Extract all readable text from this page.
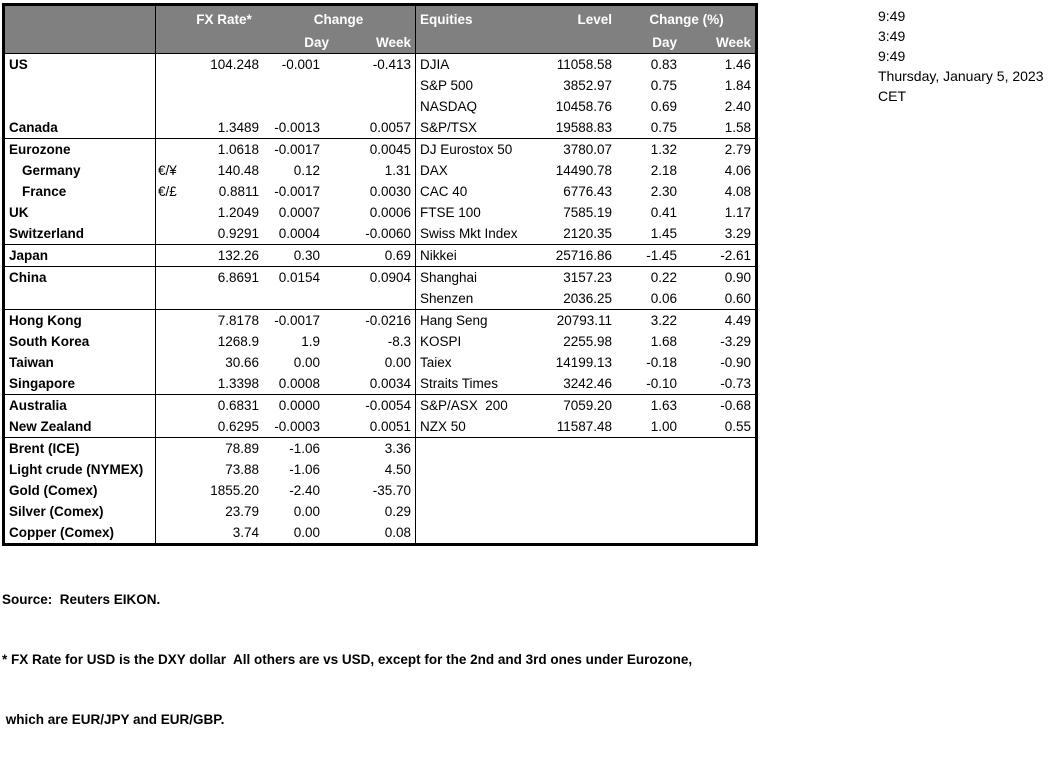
FX Rate*	Change	Equities	Level	Change (%)
Day	Week	Day	Week
US	104.248	-0.001	-0.413 DJIA	11058.58	0.83	1.46
S&P 500	3852.97	0.75	1.84
NASDAQ	10458.76	0.69	2.40
Canada	1.3489	-0.0013	0.0057 S&P/TSX	19588.83	0.75	1.58
Eurozone	1.0618	-0.0017	0.0045 DJ Eurostox 50	3780.07	1.32	2.79
Germany	€/¥	140.48	0.12	1.31 DAX	14490.78	2.18	4.06
France	€/£	0.8811	-0.0017	0.0030 CAC 40	6776.43	2.30	4.08
UK	1.2049	0.0007	0.0006 FTSE 100	7585.19	0.41	1.17
Switzerland	0.9291	0.0004	-0.0060 Swiss Mkt Index	2120.35	1.45	3.29
Japan	132.26	0.30	0.69 Nikkei	25716.86	-1.45	-2.61
China	6.8691	0.0154	0.0904 Shanghai	3157.23	0.22	0.90
Shenzen	2036.25	0.06	0.60
Hong Kong	7.8178	-0.0017	-0.0216 Hang Seng	20793.11	3.22	4.49
South Korea	1268.9	1.9	-8.3 KOSPI	2255.98	1.68	-3.29
Taiwan	30.66	0.00	0.00 Taiex	14199.13	-0.18	-0.90
Singapore	1.3398	0.0008	0.0034 Straits Times	3242.46	-0.10	-0.73
Australia	0.6831	0.0000	-0.0054 S&P/ASX  200	7059.20	1.63	-0.68
New Zealand	0.6295	-0.0003	0.0051 NZX 50	11587.48	1.00	0.55
Brent (ICE)	78.89	-1.06	3.36
Light crude (NYMEX)	73.88	-1.06	4.50
Gold (Comex)	1855.20	-2.40	-35.70
Silver (Comex)	23.79	0.00	0.29
Copper (Comex)	3.74	0.00	0.08

Source:  Reuters EIKON.

* FX Rate for USD is the DXY dollar  All others are vs USD, except for the 2nd and 3rd ones under Eurozone,

which are EUR/JPY and EUR/GBP.

9:49
3:49
9:49
Thursday, January 5, 2023
CET
